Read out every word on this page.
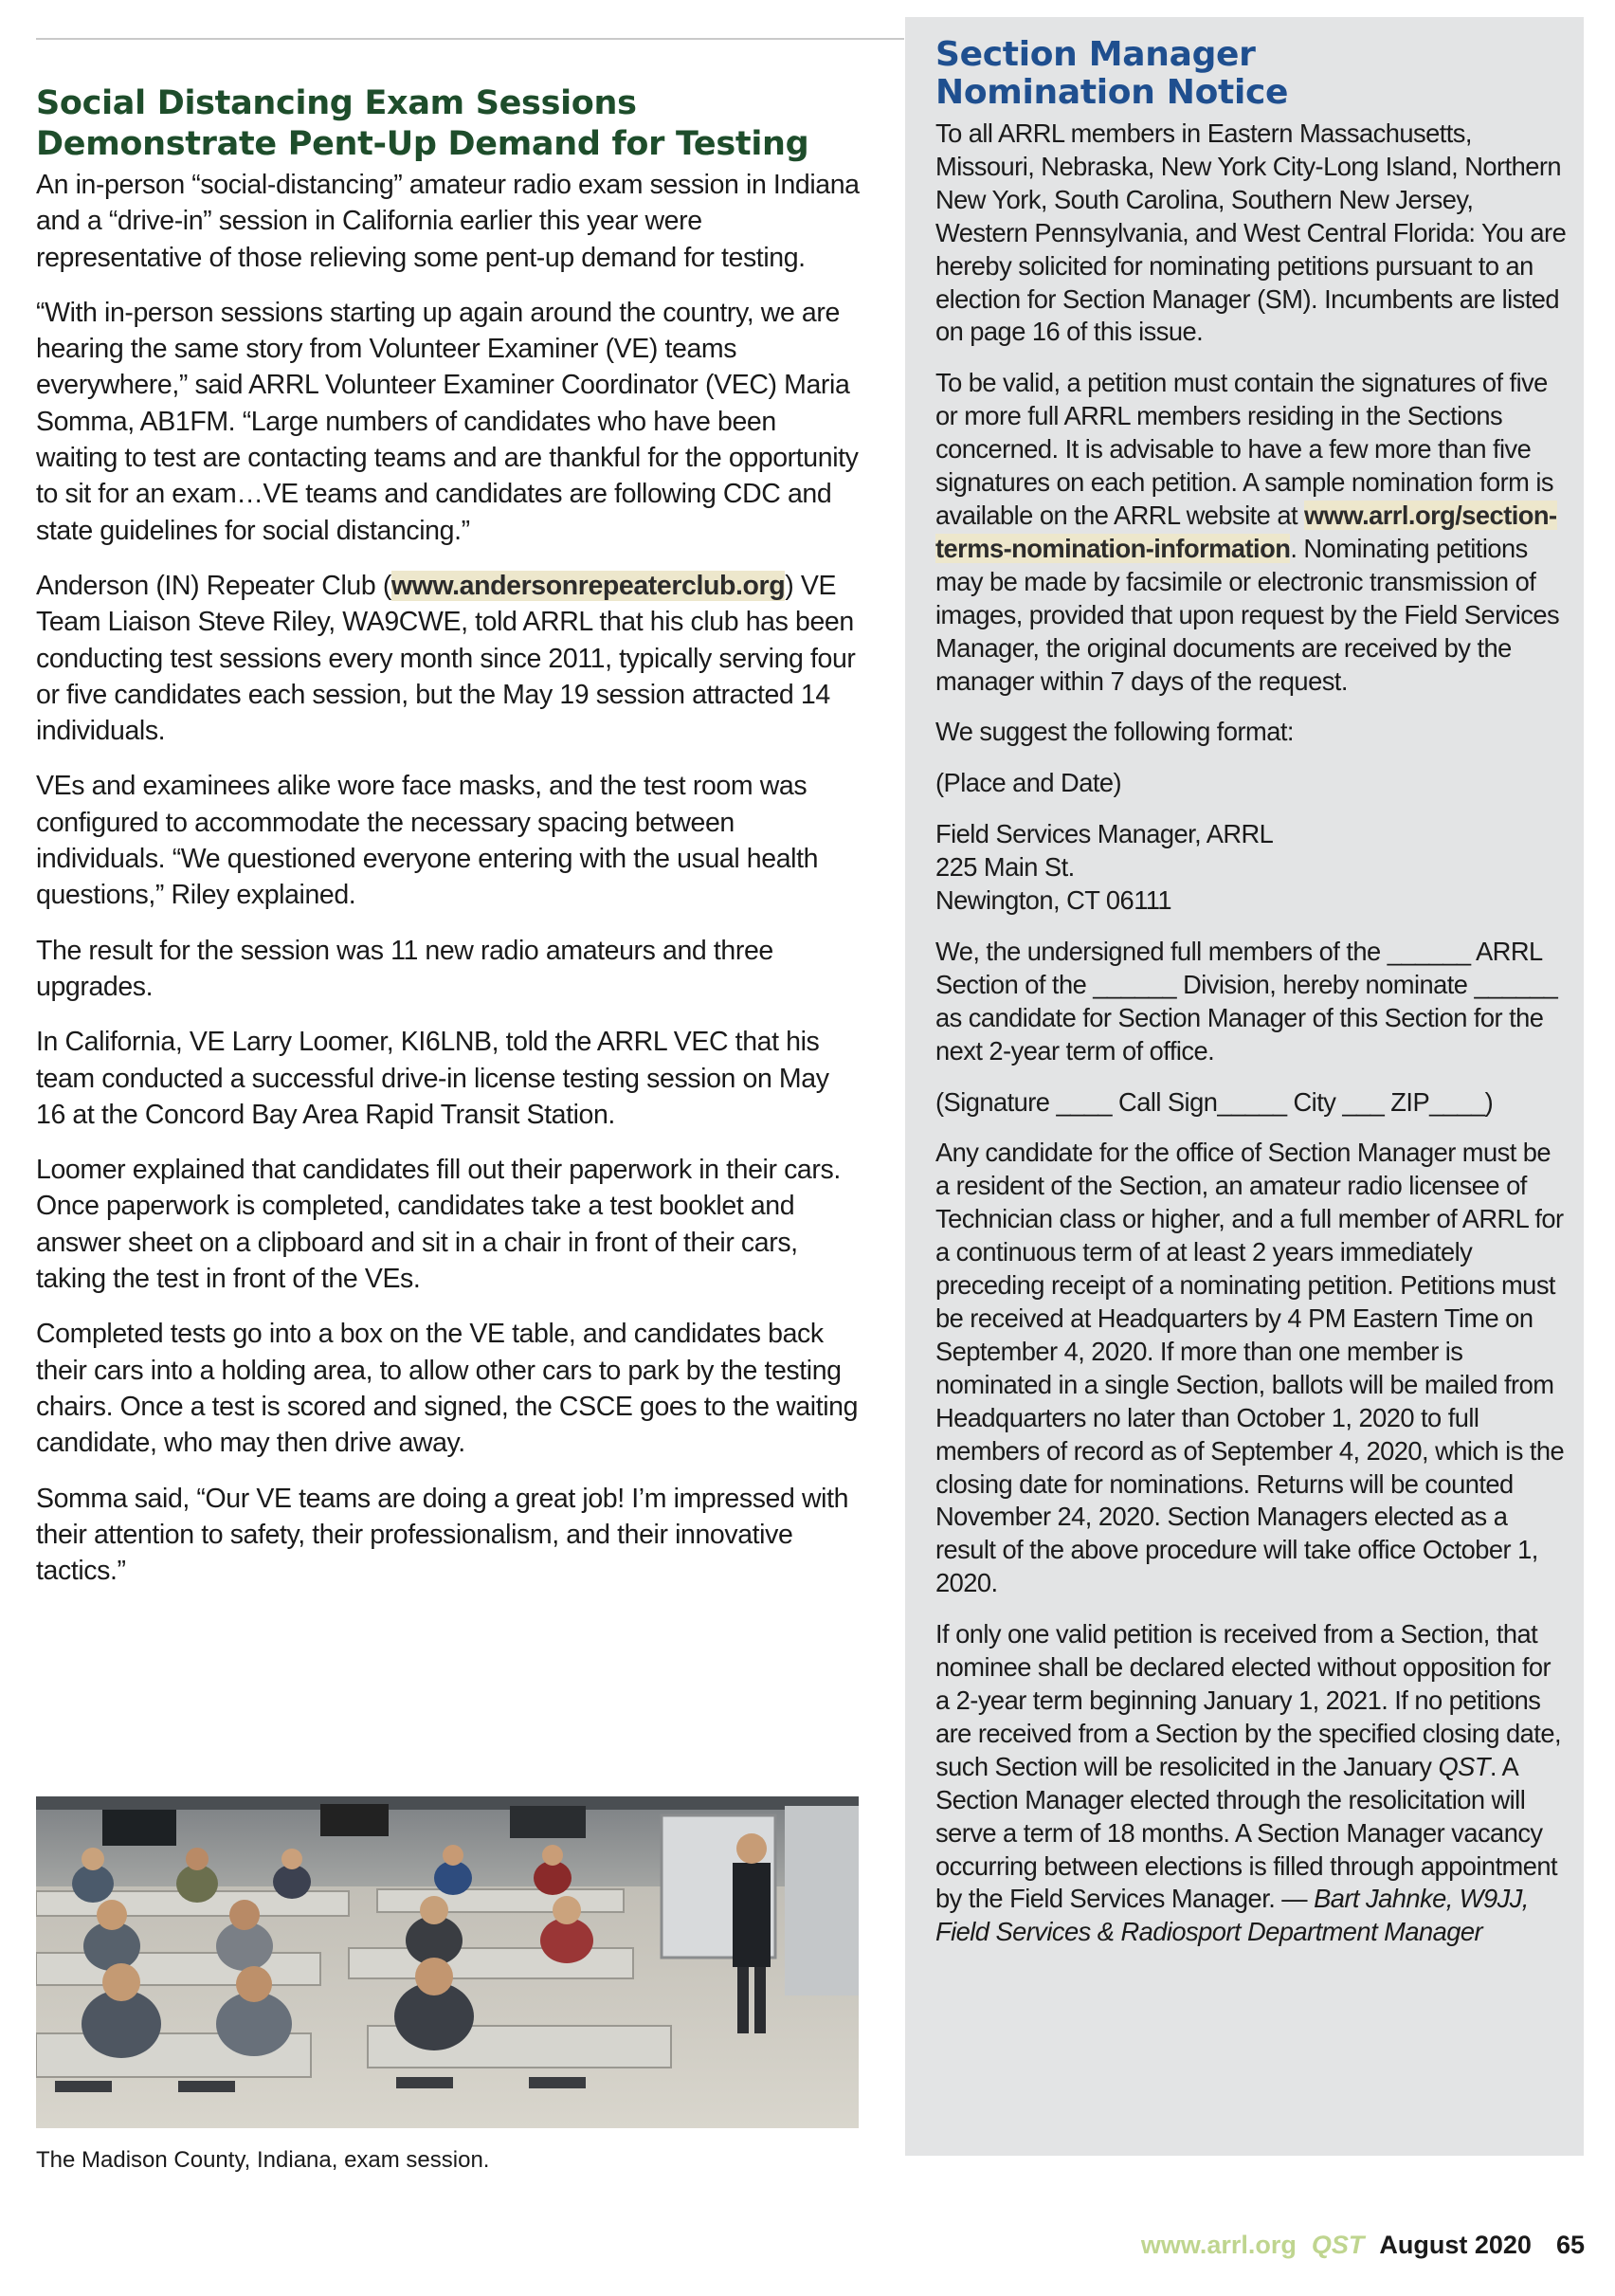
Social Distancing Exam Sessions
Demonstrate Pent-Up Demand for Testing

An in-person “social-distancing” amateur radio exam session in Indiana and a “drive-in” session in California earlier this year were representative of those relieving some pent-up demand for testing.

“With in-person sessions starting up again around the country, we are hearing the same story from Volunteer Examiner (VE) teams everywhere,” said ARRL Volunteer Examiner Coordinator (VEC) Maria Somma, AB1FM. “Large numbers of candidates who have been waiting to test are contacting teams and are thankful for the opportunity to sit for an exam…VE teams and candidates are following CDC and state guidelines for social distancing.”

Anderson (IN) Repeater Club (www.andersonrepeaterclub.org) VE Team Liaison Steve Riley, WA9CWE, told ARRL that his club has been conducting test sessions every month since 2011, typically serving four or five candidates each session, but the May 19 session attracted 14 individuals.

VEs and examinees alike wore face masks, and the test room was configured to accommodate the necessary spacing between individuals. “We questioned everyone entering with the usual health questions,” Riley explained.

The result for the session was 11 new radio amateurs and three upgrades.

In California, VE Larry Loomer, KI6LNB, told the ARRL VEC that his team conducted a successful drive-in license testing session on May 16 at the Concord Bay Area Rapid Transit Station.

Loomer explained that candidates fill out their paperwork in their cars. Once paperwork is completed, candidates take a test booklet and answer sheet on a clipboard and sit in a chair in front of their cars, taking the test in front of the VEs.

Completed tests go into a box on the VE table, and candidates back their cars into a holding area, to allow other cars to park by the testing chairs. Once a test is scored and signed, the CSCE goes to the waiting candidate, who may then drive away.

Somma said, “Our VE teams are doing a great job! I’m impressed with their attention to safety, their professionalism, and their innovative tactics.”

The Madison County, Indiana, exam session.
Section Manager
Nomination Notice

To all ARRL members in Eastern Massachusetts, Missouri, Nebraska, New York City-Long Island, Northern New York, South Carolina, Southern New Jersey, Western Pennsylvania, and West Central Florida: You are hereby solicited for nominating petitions pursuant to an election for Section Manager (SM). Incumbents are listed on page 16 of this issue.

To be valid, a petition must contain the signatures of five or more full ARRL members residing in the Sections concerned. It is advisable to have a few more than five signatures on each petition. A sample nomination form is available on the ARRL website at www.arrl.org/section-terms-nomination-information. Nominating petitions may be made by facsimile or electronic transmission of images, provided that upon request by the Field Services Manager, the original documents are received by the manager within 7 days of the request.

We suggest the following format:

(Place and Date)

Field Services Manager, ARRL
225 Main St.
Newington, CT 06111

We, the undersigned full members of the ______ ARRL Section of the ______ Division, hereby nominate ______ as candidate for Section Manager of this Section for the next 2-year term of office.

(Signature ____ Call Sign_____ City ___ ZIP____)

Any candidate for the office of Section Manager must be a resident of the Section, an amateur radio licensee of Technician class or higher, and a full member of ARRL for a continuous term of at least 2 years immediately preceding receipt of a nominating petition. Petitions must be received at Headquarters by 4 PM Eastern Time on September 4, 2020. If more than one member is nominated in a single Section, ballots will be mailed from Headquarters no later than October 1, 2020 to full members of record as of September 4, 2020, which is the closing date for nominations. Returns will be counted November 24, 2020. Section Managers elected as a result of the above procedure will take office October 1, 2020.

If only one valid petition is received from a Section, that nominee shall be declared elected without opposition for a 2-year term beginning January 1, 2021. If no petitions are received from a Section by the specified closing date, such Section will be resolicited in the January QST. A Section Manager elected through the resolicitation will serve a term of 18 months. A Section Manager vacancy occurring between elections is filled through appointment by the Field Services Manager. — Bart Jahnke, W9JJ, Field Services & Radiosport Department Manager

www.arrl.org QST August 2020 65
